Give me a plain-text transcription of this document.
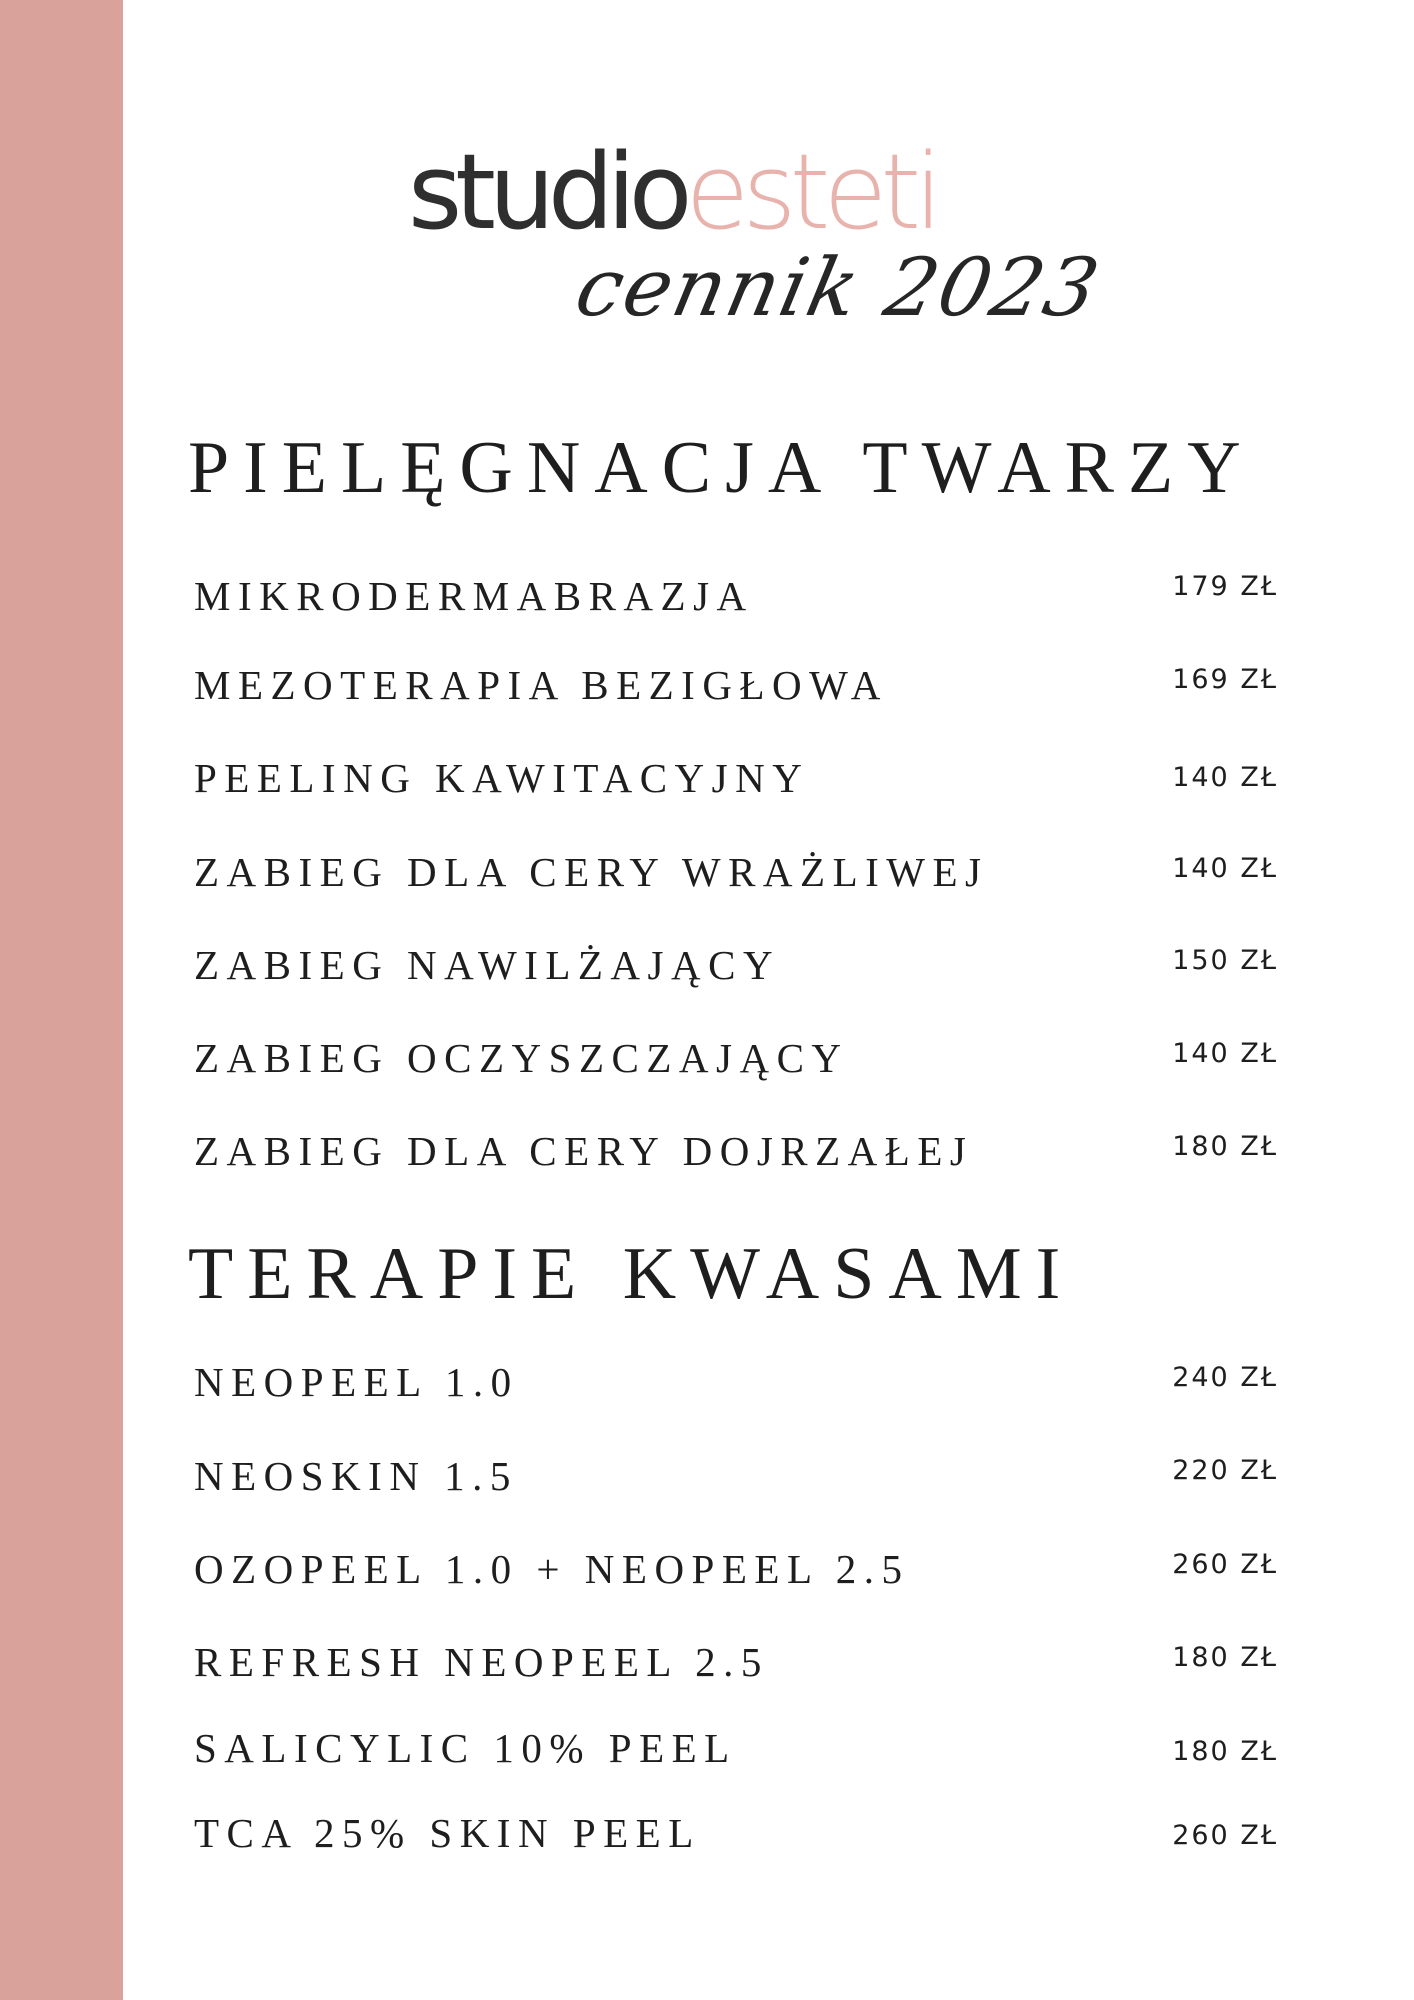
studioesteti
cennik 2023
PIELĘGNACJA TWARZY
MIKRODERMABRAZJA	179 ZŁ
MEZOTERAPIA BEZIGŁOWA	169 ZŁ
PEELING KAWITACYJNY	140 ZŁ
ZABIEG DLA CERY WRAŻLIWEJ	140 ZŁ
ZABIEG NAWILŻAJĄCY	150 ZŁ
ZABIEG OCZYSZCZAJĄCY	140 ZŁ
ZABIEG DLA CERY DOJRZAŁEJ	180 ZŁ
TERAPIE KWASAMI
NEOPEEL 1.0	240 ZŁ
NEOSKIN 1.5	220 ZŁ
OZOPEEL 1.0 + NEOPEEL 2.5	260 ZŁ
REFRESH NEOPEEL 2.5	180 ZŁ
SALICYLIC 10% PEEL	180 ZŁ
TCA 25% SKIN PEEL	260 ZŁ
